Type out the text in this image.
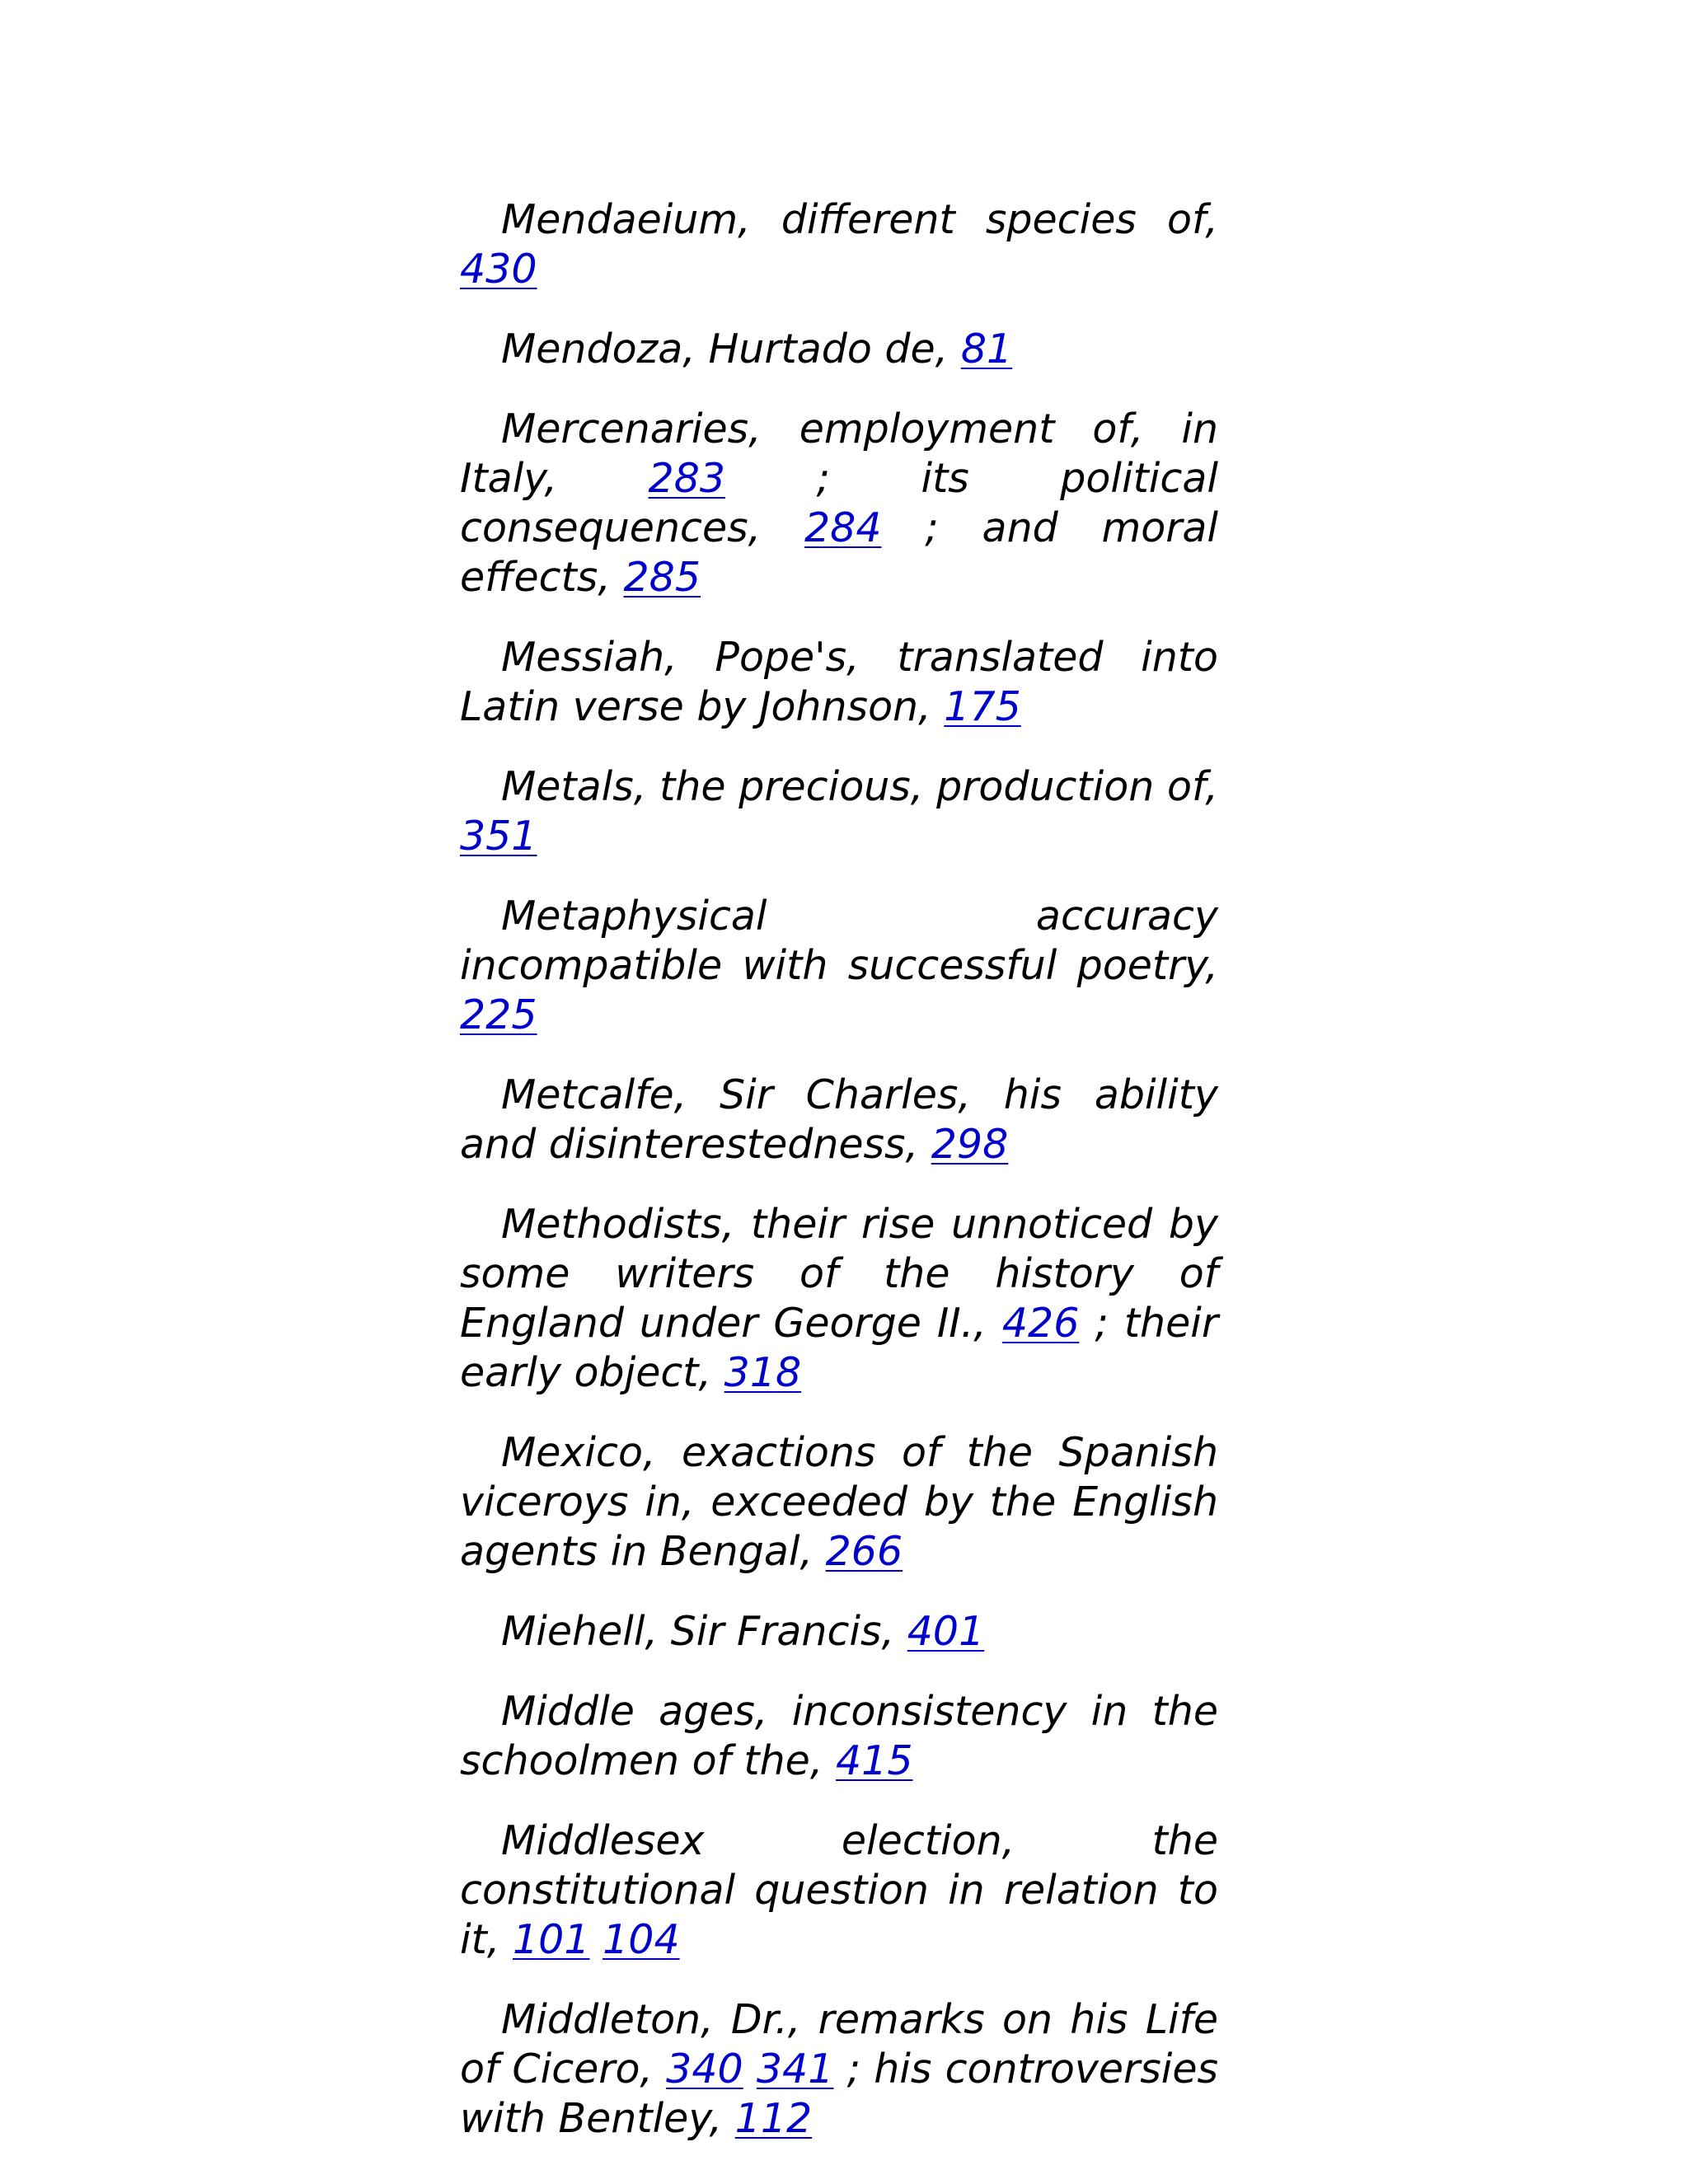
Mendaeium, different species of, 430

Mendoza, Hurtado de, 81

Mercenaries, employment of, in Italy, 283 ; its political consequences, 284 ; and moral effects, 285

Messiah, Pope's, translated into Latin verse by Johnson, 175

Metals, the precious, production of, 351

Metaphysical accuracy incompatible with successful poetry, 225

Metcalfe, Sir Charles, his ability and disinterestedness, 298

Methodists, their rise unnoticed by some writers of the history of England under George II., 426 ; their early object, 318

Mexico, exactions of the Spanish viceroys in, exceeded by the English agents in Bengal, 266

Miehell, Sir Francis, 401

Middle ages, inconsistency in the schoolmen of the, 415

Middlesex election, the constitutional question in relation to it, 101 104

Middleton, Dr., remarks on his Life of Cicero, 340 341 ; his controversies with Bentley, 112
